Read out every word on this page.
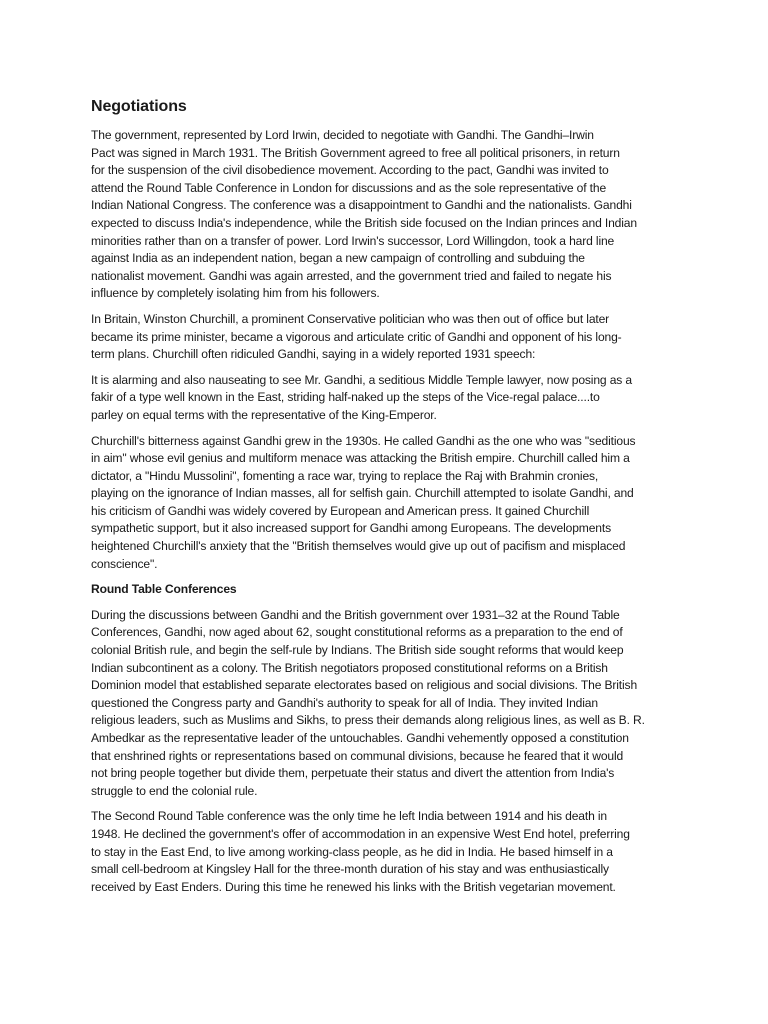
Negotiations
The government, represented by Lord Irwin, decided to negotiate with Gandhi. The Gandhi–Irwin
Pact was signed in March 1931. The British Government agreed to free all political prisoners, in return
for the suspension of the civil disobedience movement. According to the pact, Gandhi was invited to
attend the Round Table Conference in London for discussions and as the sole representative of the
Indian National Congress. The conference was a disappointment to Gandhi and the nationalists. Gandhi
expected to discuss India's independence, while the British side focused on the Indian princes and Indian
minorities rather than on a transfer of power. Lord Irwin's successor, Lord Willingdon, took a hard line
against India as an independent nation, began a new campaign of controlling and subduing the
nationalist movement. Gandhi was again arrested, and the government tried and failed to negate his
influence by completely isolating him from his followers.
In Britain, Winston Churchill, a prominent Conservative politician who was then out of office but later
became its prime minister, became a vigorous and articulate critic of Gandhi and opponent of his long-
term plans. Churchill often ridiculed Gandhi, saying in a widely reported 1931 speech:
It is alarming and also nauseating to see Mr. Gandhi, a seditious Middle Temple lawyer, now posing as a
fakir of a type well known in the East, striding half-naked up the steps of the Vice-regal palace....to
parley on equal terms with the representative of the King-Emperor.
Churchill's bitterness against Gandhi grew in the 1930s. He called Gandhi as the one who was "seditious
in aim" whose evil genius and multiform menace was attacking the British empire. Churchill called him a
dictator, a "Hindu Mussolini", fomenting a race war, trying to replace the Raj with Brahmin cronies,
playing on the ignorance of Indian masses, all for selfish gain. Churchill attempted to isolate Gandhi, and
his criticism of Gandhi was widely covered by European and American press. It gained Churchill
sympathetic support, but it also increased support for Gandhi among Europeans. The developments
heightened Churchill's anxiety that the "British themselves would give up out of pacifism and misplaced
conscience".
Round Table Conferences
During the discussions between Gandhi and the British government over 1931–32 at the Round Table
Conferences, Gandhi, now aged about 62, sought constitutional reforms as a preparation to the end of
colonial British rule, and begin the self-rule by Indians. The British side sought reforms that would keep
Indian subcontinent as a colony. The British negotiators proposed constitutional reforms on a British
Dominion model that established separate electorates based on religious and social divisions. The British
questioned the Congress party and Gandhi's authority to speak for all of India. They invited Indian
religious leaders, such as Muslims and Sikhs, to press their demands along religious lines, as well as B. R.
Ambedkar as the representative leader of the untouchables. Gandhi vehemently opposed a constitution
that enshrined rights or representations based on communal divisions, because he feared that it would
not bring people together but divide them, perpetuate their status and divert the attention from India's
struggle to end the colonial rule.
The Second Round Table conference was the only time he left India between 1914 and his death in
1948. He declined the government's offer of accommodation in an expensive West End hotel, preferring
to stay in the East End, to live among working-class people, as he did in India. He based himself in a
small cell-bedroom at Kingsley Hall for the three-month duration of his stay and was enthusiastically
received by East Enders. During this time he renewed his links with the British vegetarian movement.
